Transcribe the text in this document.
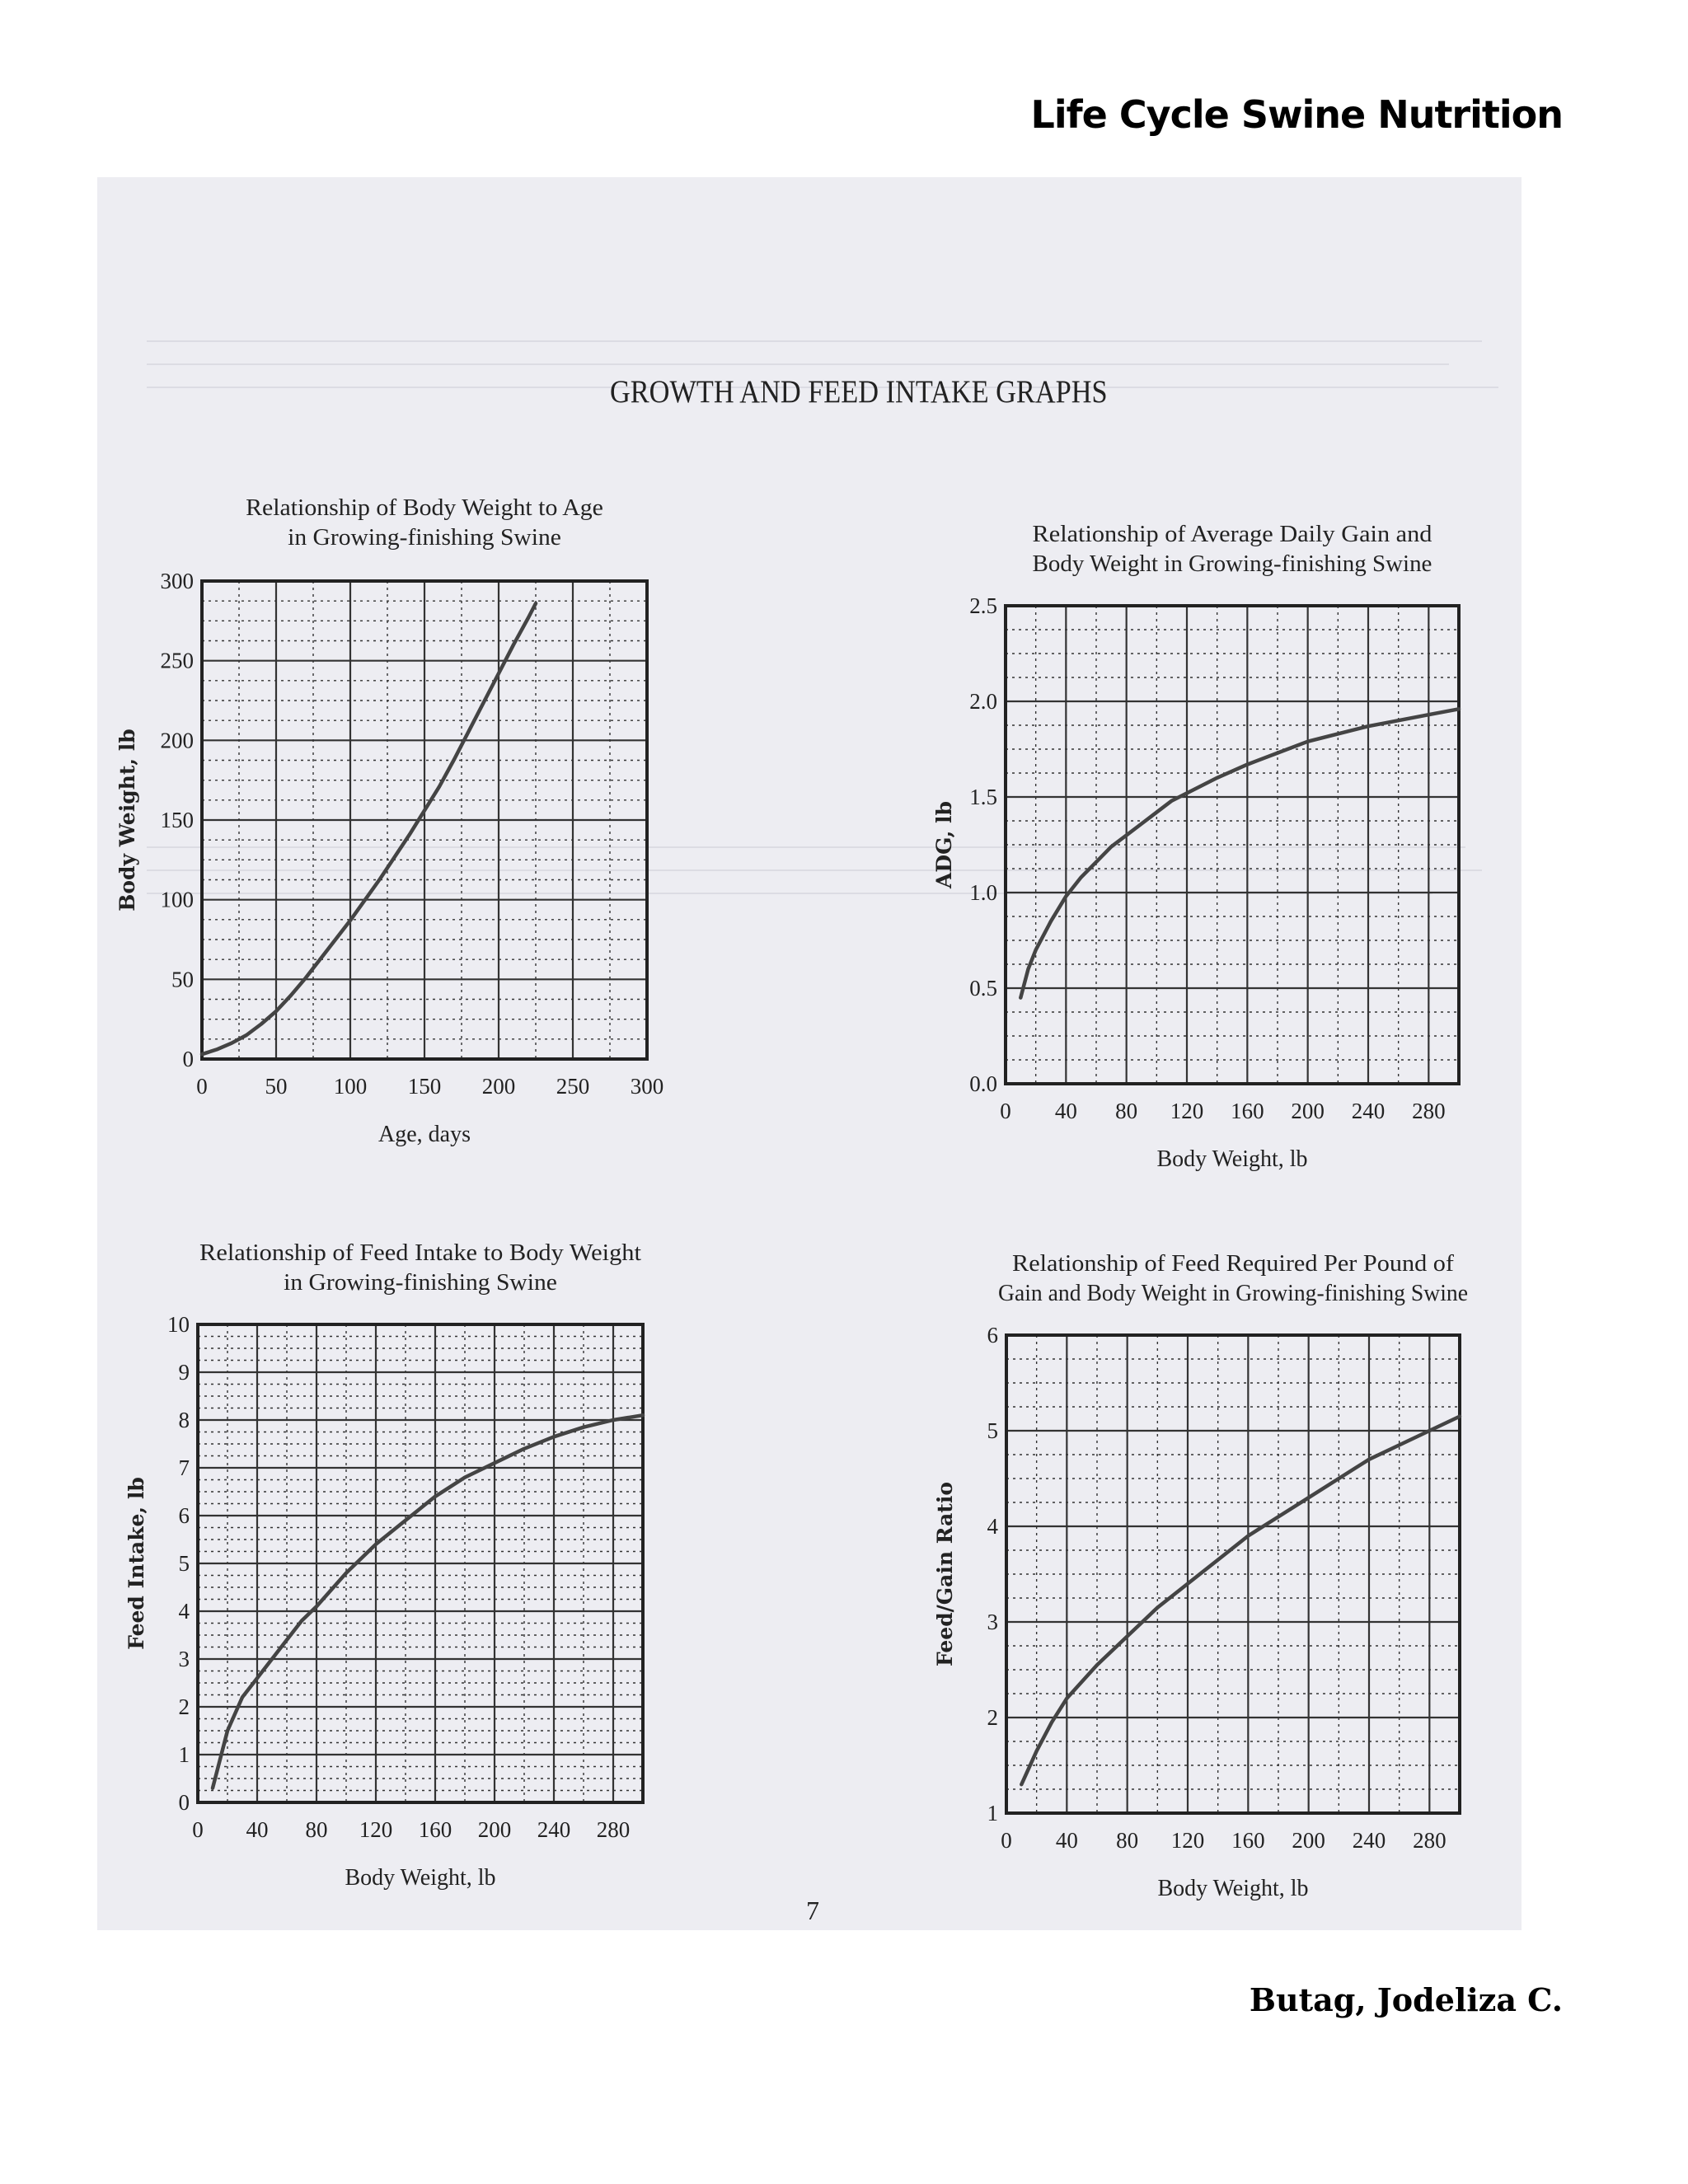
Life Cycle Swine Nutrition
GROWTH AND FEED INTAKE GRAPHS
Relationship of Body Weight to Age
in Growing-finishing Swine
0	50 100 150 200 250 300
0
50
100
150
200
250
300
Age, days
Body Weight, lb
Relationship of Average Daily Gain and
Body Weight in Growing-finishing Swine
0 40 80 120 160 200 240 280
0.0
0.5
1.0
1.5
2.0
2.5
Body Weight, lb
ADG, lb
Relationship of Feed Intake to Body Weight
in Growing-finishing Swine
0 40 80 120 160 200 240 280
0
1
2
3
4
5
6
7
8
9
10
Body Weight, lb
Feed Intake, lb
Relationship of Feed Required Per Pound of
Gain and Body Weight in Growing-finishing Swine
0 40 80 120 160 200 240 280
1
2
3
4
5
6
Body Weight, lb
Feed/Gain Ratio
7
Butag, Jodeliza C.
